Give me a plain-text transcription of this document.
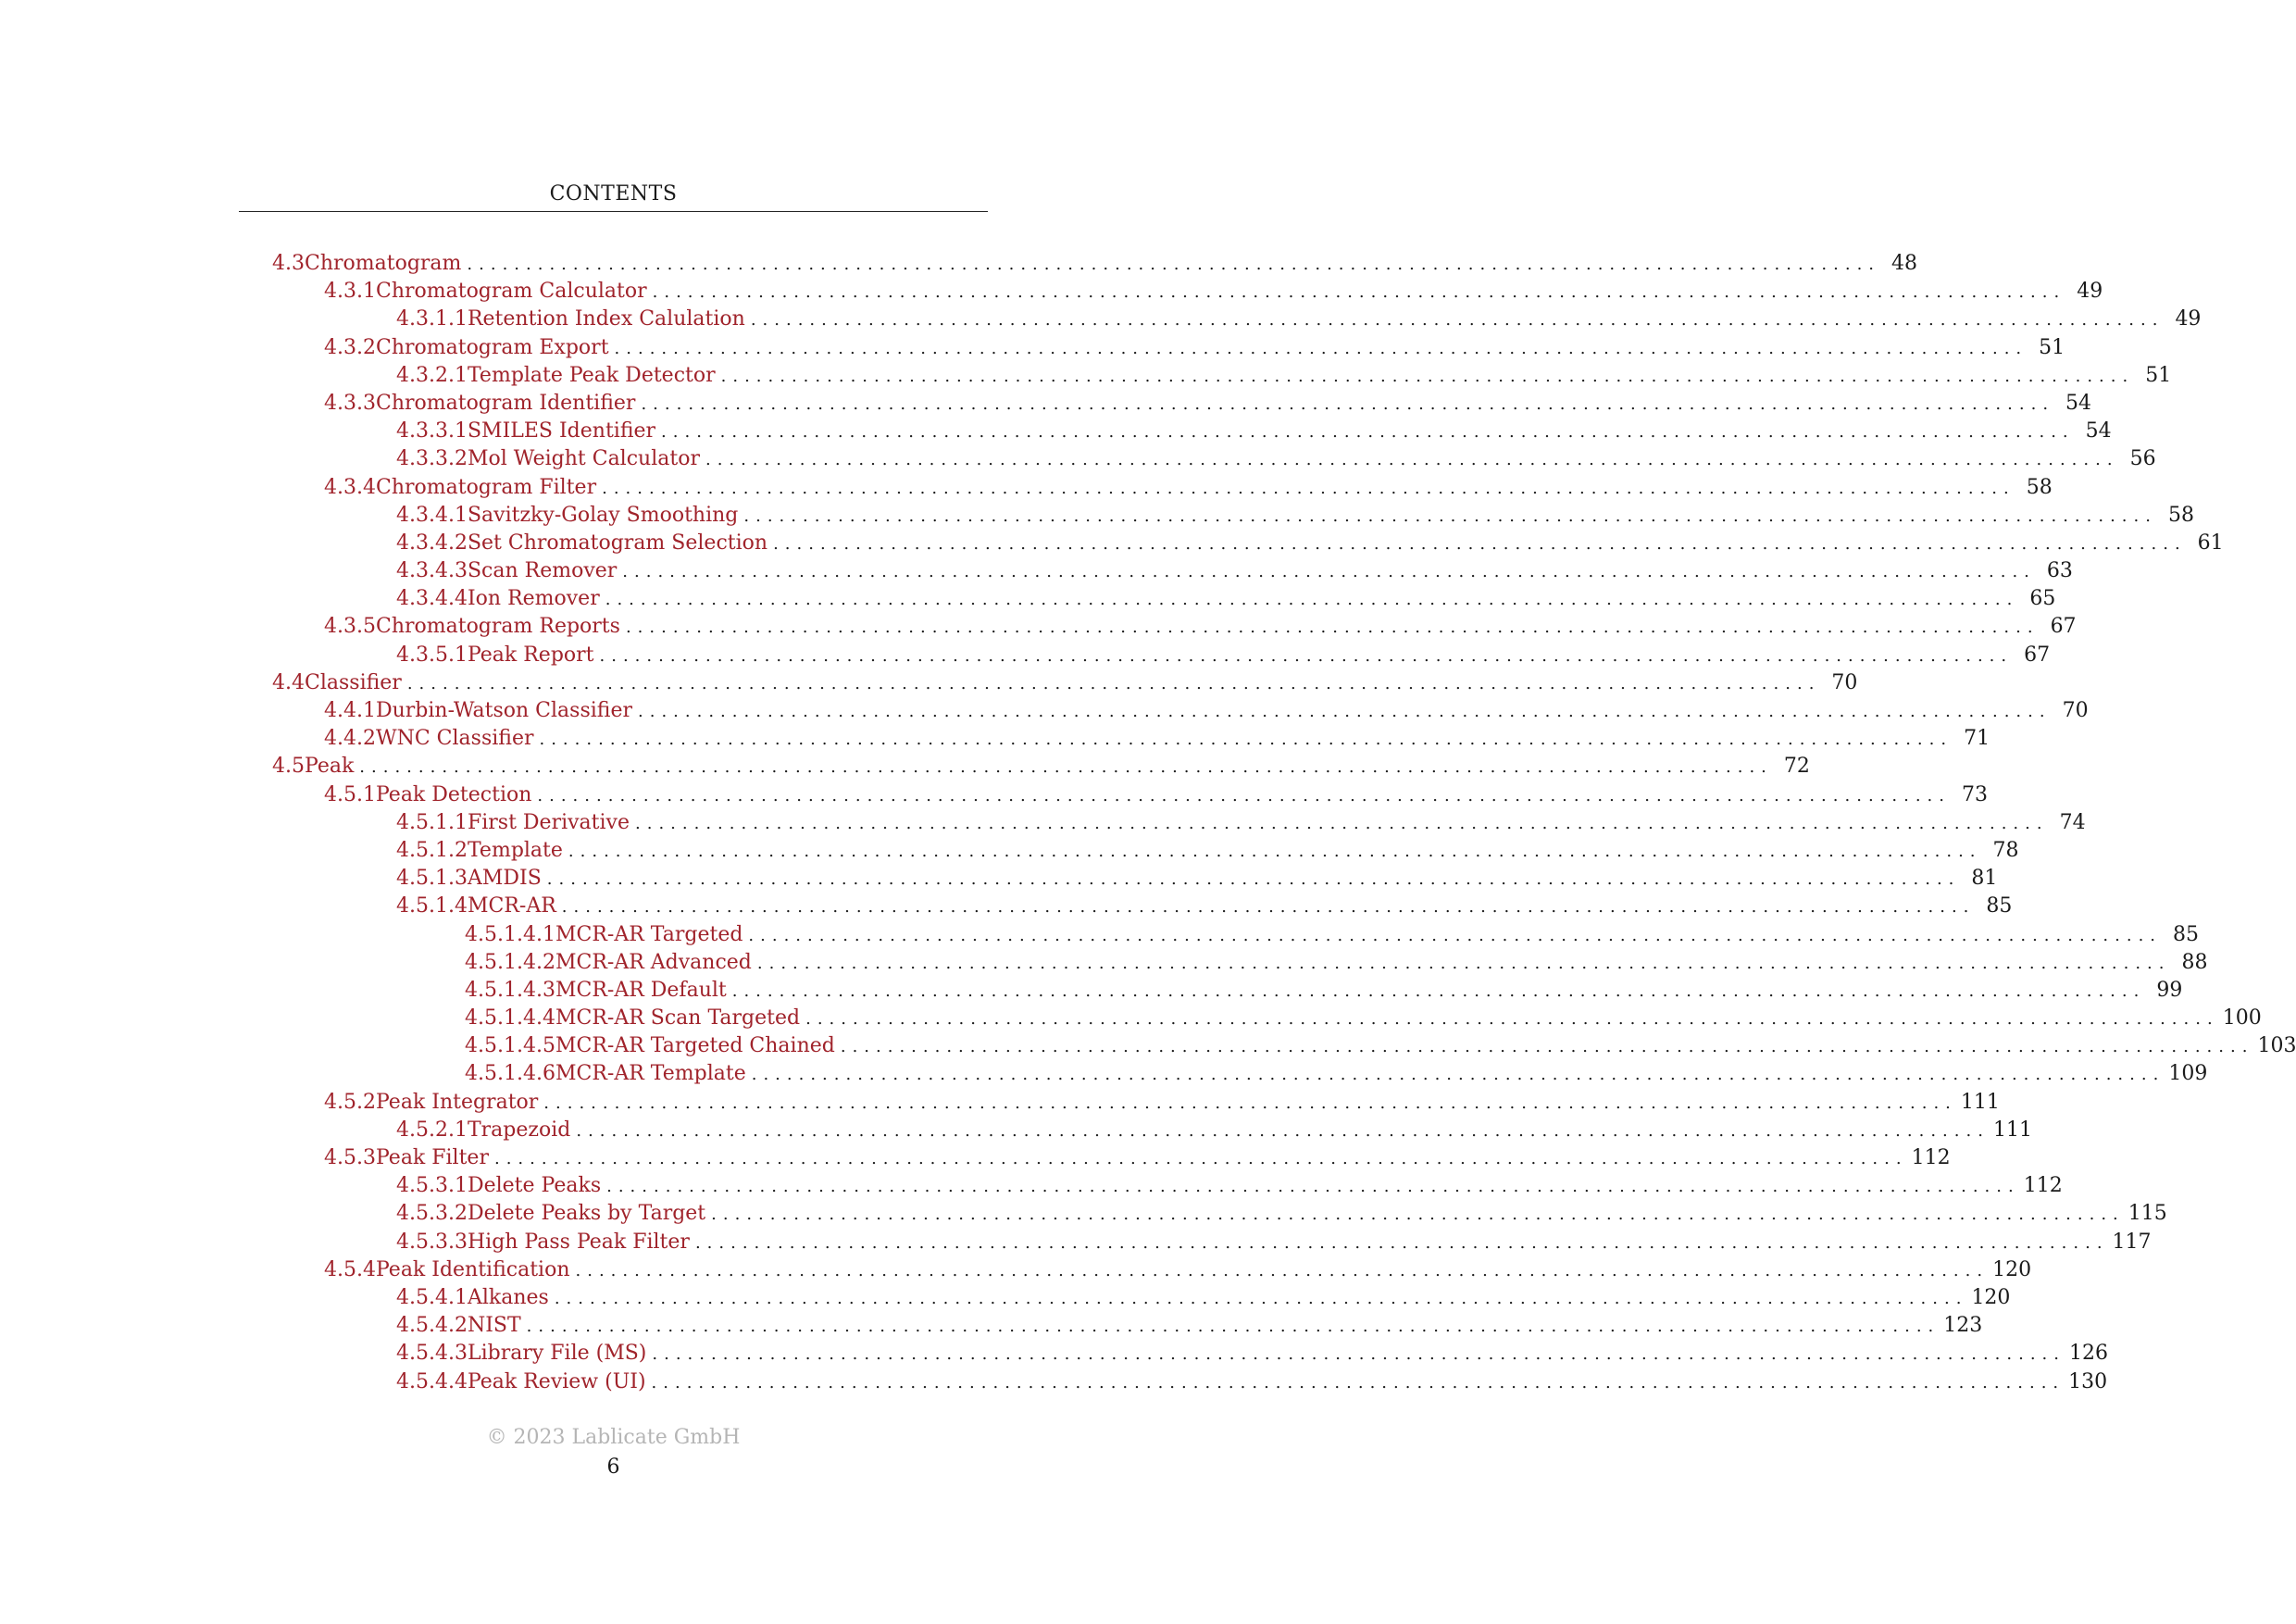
CONTENTS
4.3 Chromatogram ........................................................................................................................ 48
4.3.1 Chromatogram Calculator ........................................................................................................................ 49
4.3.1.1 Retention Index Calulation ........................................................................................................................ 49
4.3.2 Chromatogram Export ........................................................................................................................ 51
4.3.2.1 Template Peak Detector ........................................................................................................................ 51
4.3.3 Chromatogram Identifier ........................................................................................................................ 54
4.3.3.1 SMILES Identifier ........................................................................................................................ 54
4.3.3.2 Mol Weight Calculator ........................................................................................................................ 56
4.3.4 Chromatogram Filter ........................................................................................................................ 58
4.3.4.1 Savitzky-Golay Smoothing ........................................................................................................................ 58
4.3.4.2 Set Chromatogram Selection ........................................................................................................................ 61
4.3.4.3 Scan Remover ........................................................................................................................ 63
4.3.4.4 Ion Remover ........................................................................................................................ 65
4.3.5 Chromatogram Reports ........................................................................................................................ 67
4.3.5.1 Peak Report ........................................................................................................................ 67
4.4 Classifier ........................................................................................................................ 70
4.4.1 Durbin-Watson Classifier ........................................................................................................................ 70
4.4.2 WNC Classifier ........................................................................................................................ 71
4.5 Peak ........................................................................................................................ 72
4.5.1 Peak Detection ........................................................................................................................ 73
4.5.1.1 First Derivative ........................................................................................................................ 74
4.5.1.2 Template ........................................................................................................................ 78
4.5.1.3 AMDIS ........................................................................................................................ 81
4.5.1.4 MCR-AR ........................................................................................................................ 85
4.5.1.4.1 MCR-AR Targeted ........................................................................................................................ 85
4.5.1.4.2 MCR-AR Advanced ........................................................................................................................ 88
4.5.1.4.3 MCR-AR Default ........................................................................................................................ 99
4.5.1.4.4 MCR-AR Scan Targeted ........................................................................................................................ 100
4.5.1.4.5 MCR-AR Targeted Chained ........................................................................................................................ 103
4.5.1.4.6 MCR-AR Template ........................................................................................................................ 109
4.5.2 Peak Integrator ........................................................................................................................ 111
4.5.2.1 Trapezoid ........................................................................................................................ 111
4.5.3 Peak Filter ........................................................................................................................ 112
4.5.3.1 Delete Peaks ........................................................................................................................ 112
4.5.3.2 Delete Peaks by Target ........................................................................................................................ 115
4.5.3.3 High Pass Peak Filter ........................................................................................................................ 117
4.5.4 Peak Identification ........................................................................................................................ 120
4.5.4.1 Alkanes ........................................................................................................................ 120
4.5.4.2 NIST ........................................................................................................................ 123
4.5.4.3 Library File (MS) ........................................................................................................................ 126
4.5.4.4 Peak Review (UI) ........................................................................................................................ 130
© 2023 Lablicate GmbH
6
